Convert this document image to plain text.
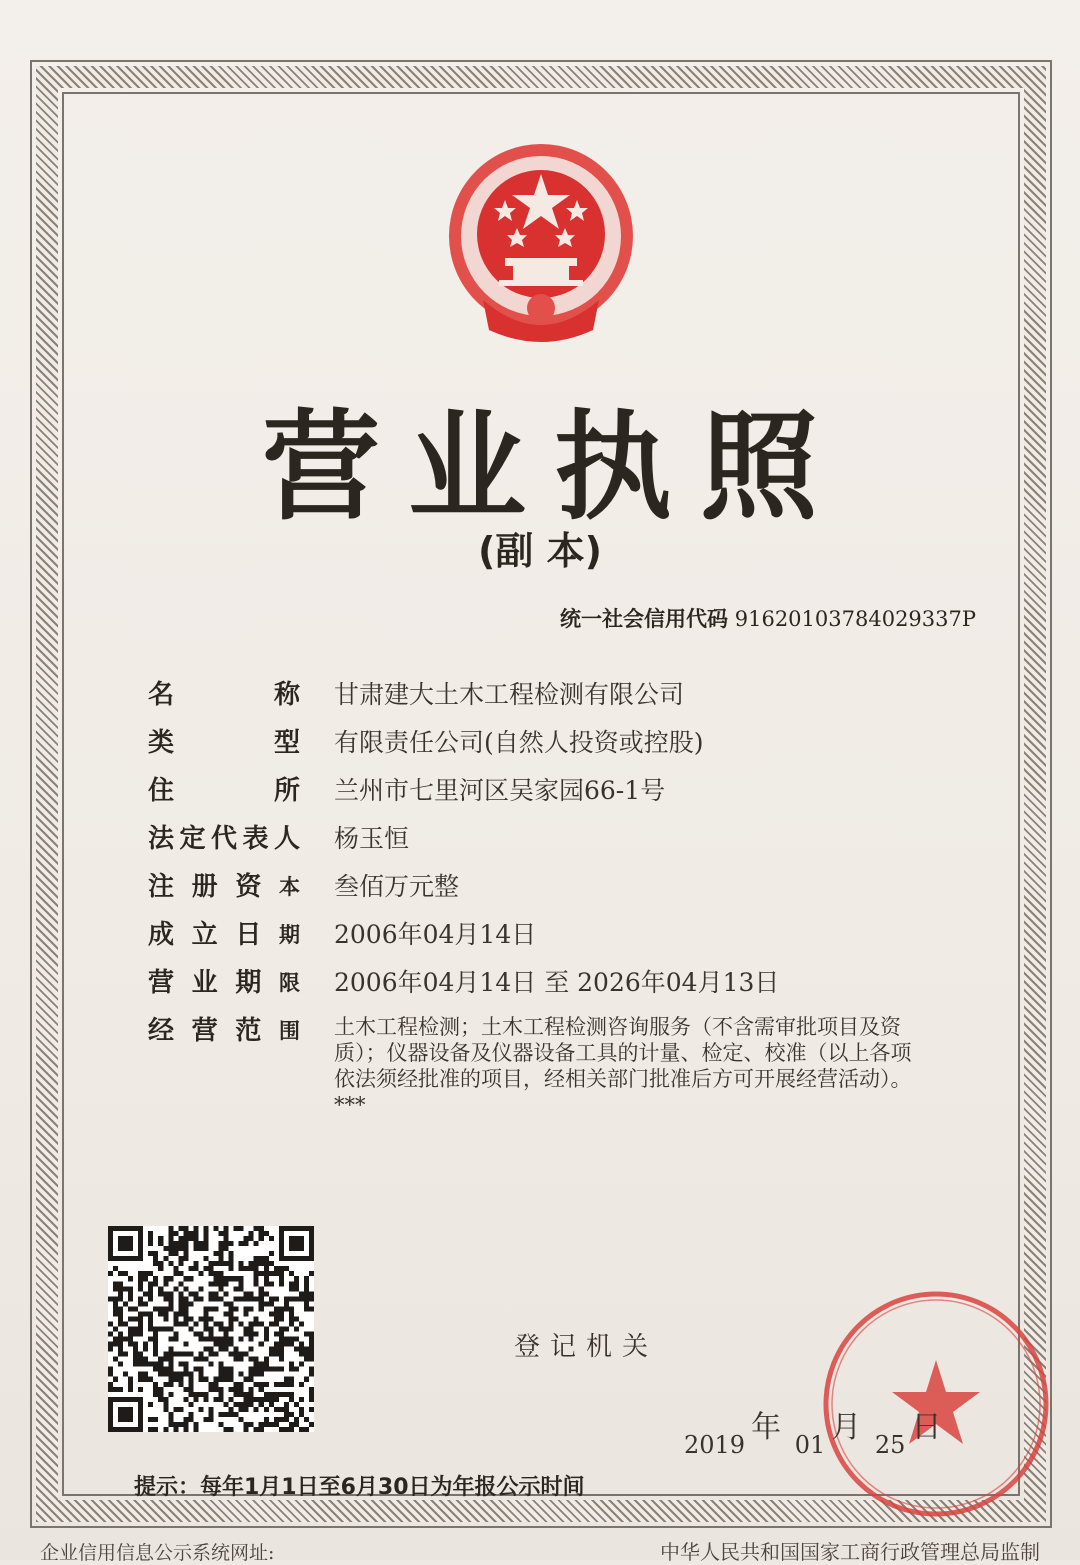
营业执照
(副 本)
统一社会信用代码 91620103784029337P
名	称 甘肃建大土木工程检测有限公司
类	型 有限责任公司(自然人投资或控股)
住	所 兰州市七里河区吴家园66-1号
法 定 代 表 人 杨玉恒
注 册 资 本 叁佰万元整
成 立 日 期 2006年04月14日
营 业 期 限 2006年04月14日 至 2026年04月13日
经 营 范 围 土木工程检测；土木工程检测咨询服务（不含需审批项目及资质）；仪器设备及仪器设备工具的计量、检定、校准（以上各项依法须经批准的项目，经相关部门批准后方可开展经营活动）。***
登记机关
2019 年 01 月 25 日
提示：每年1月1日至6月30日为年报公示时间
企业信用信息公示系统网址:	中华人民共和国国家工商行政管理总局监制
